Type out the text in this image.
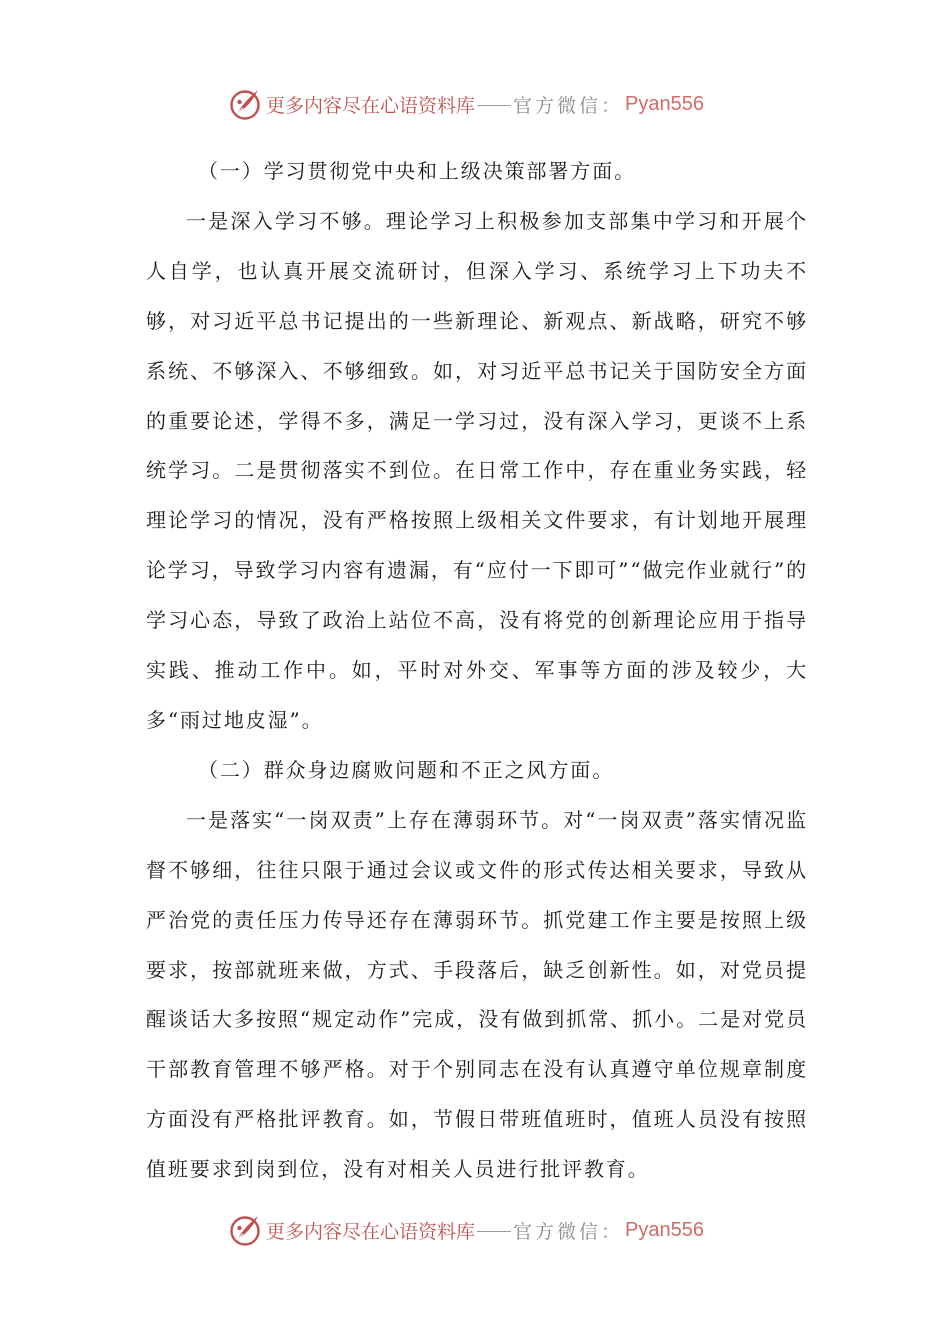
更多内容尽在心语资料库 官方微信： Pyan556

（一）学习贯彻党中央和上级决策部署方面。

一是深入学习不够。理论学习上积极参加支部集中学习和开展个人自学，也认真开展交流研讨，但深入学习、系统学习上下功夫不够，对习近平总书记提出的一些新理论、新观点、新战略，研究不够系统、不够深入、不够细致。如，对习近平总书记关于国防安全方面的重要论述，学得不多，满足一学习过，没有深入学习，更谈不上系统学习。二是贯彻落实不到位。在日常工作中，存在重业务实践，轻理论学习的情况，没有严格按照上级相关文件要求，有计划地开展理论学习，导致学习内容有遗漏，有“应付一下即可”“做完作业就行”的学习心态，导致了政治上站位不高，没有将党的创新理论应用于指导实践、推动工作中。如，平时对外交、军事等方面的涉及较少，大多“雨过地皮湿”。

（二）群众身边腐败问题和不正之风方面。

一是落实“一岗双责”上存在薄弱环节。对“一岗双责”落实情况监督不够细，往往只限于通过会议或文件的形式传达相关要求，导致从严治党的责任压力传导还存在薄弱环节。抓党建工作主要是按照上级要求，按部就班来做，方式、手段落后，缺乏创新性。如，对党员提醒谈话大多按照“规定动作”完成，没有做到抓常、抓小。二是对党员干部教育管理不够严格。对于个别同志在没有认真遵守单位规章制度方面没有严格批评教育。如，节假日带班值班时，值班人员没有按照值班要求到岗到位，没有对相关人员进行批评教育。

更多内容尽在心语资料库 官方微信： Pyan556
